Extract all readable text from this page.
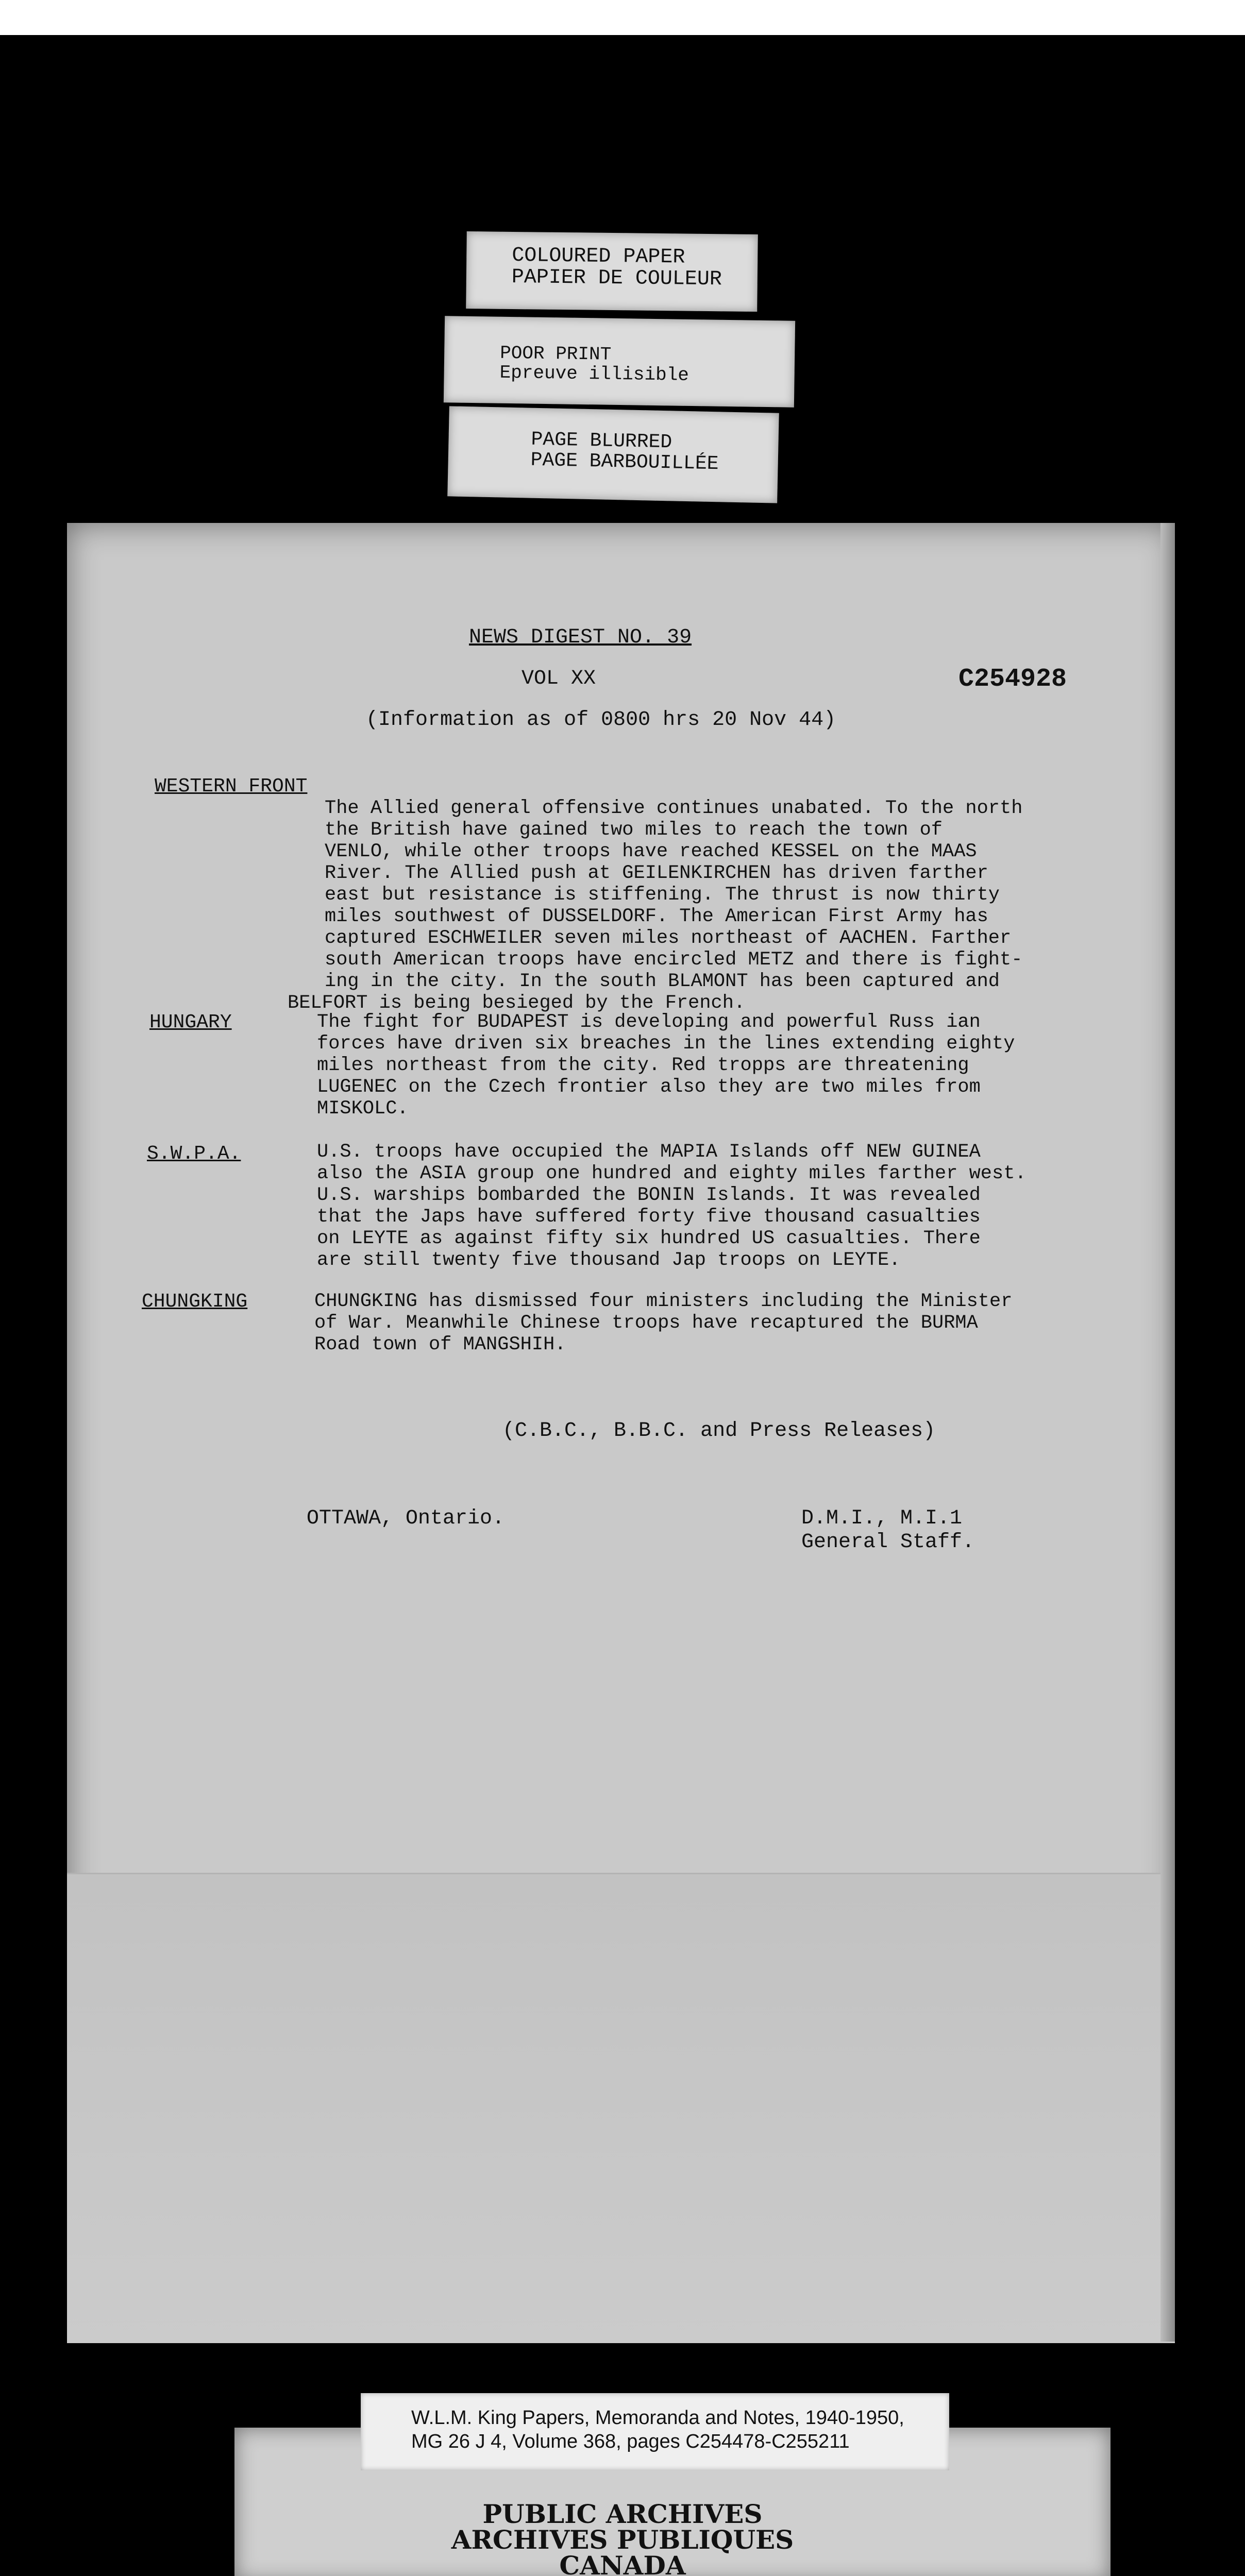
COLOURED PAPER
PAPIER DE COULEUR
POOR PRINT
Epreuve illisible
PAGE BLURRED
PAGE BARBOUILLÉE
NEWS DIGEST NO. 39
VOL XX	C254928
(Information as of 0800 hrs 20 Nov 44)
WESTERN FRONT
The Allied general offensive continues unabated. To the north
the British have gained two miles to reach the town of
VENLO, while other troops have reached KESSEL on the MAAS
River. The Allied push at GEILENKIRCHEN has driven farther
east but resistance is stiffening. The thrust is now thirty
miles southwest of DUSSELDORF. The American First Army has
captured ESCHWEILER seven miles northeast of AACHEN. Farther
south American troops have encircled METZ and there is fight-
ing in the city. In the south BLAMONT has been captured and
BELFORT is being besieged by the French.
HUNGARY	The fight for BUDAPEST is developing and powerful Russ ian
forces have driven six breaches in the lines extending eighty
miles northeast from the city. Red tropps are threatening
LUGENEC on the Czech frontier also they are two miles from
MISKOLC.
S.W.P.A.	U.S. troops have occupied the MAPIA Islands off NEW GUINEA
also the ASIA group one hundred and eighty miles farther west.
U.S. warships bombarded the BONIN Islands. It was revealed
that the Japs have suffered forty five thousand casualties
on LEYTE as against fifty six hundred US casualties. There
are still twenty five thousand Jap troops on LEYTE.
CHUNGKING	CHUNGKING has dismissed four ministers including the Minister
of War. Meanwhile Chinese troops have recaptured the BURMA
Road town of MANGSHIH.
(C.B.C., B.B.C. and Press Releases)
OTTAWA, Ontario.	D.M.I., M.I.1
General Staff.
W.L.M. King Papers, Memoranda and Notes, 1940-1950,
MG 26 J 4, Volume 368, pages C254478-C255211
PUBLIC ARCHIVES
ARCHIVES PUBLIQUES
CANADA
